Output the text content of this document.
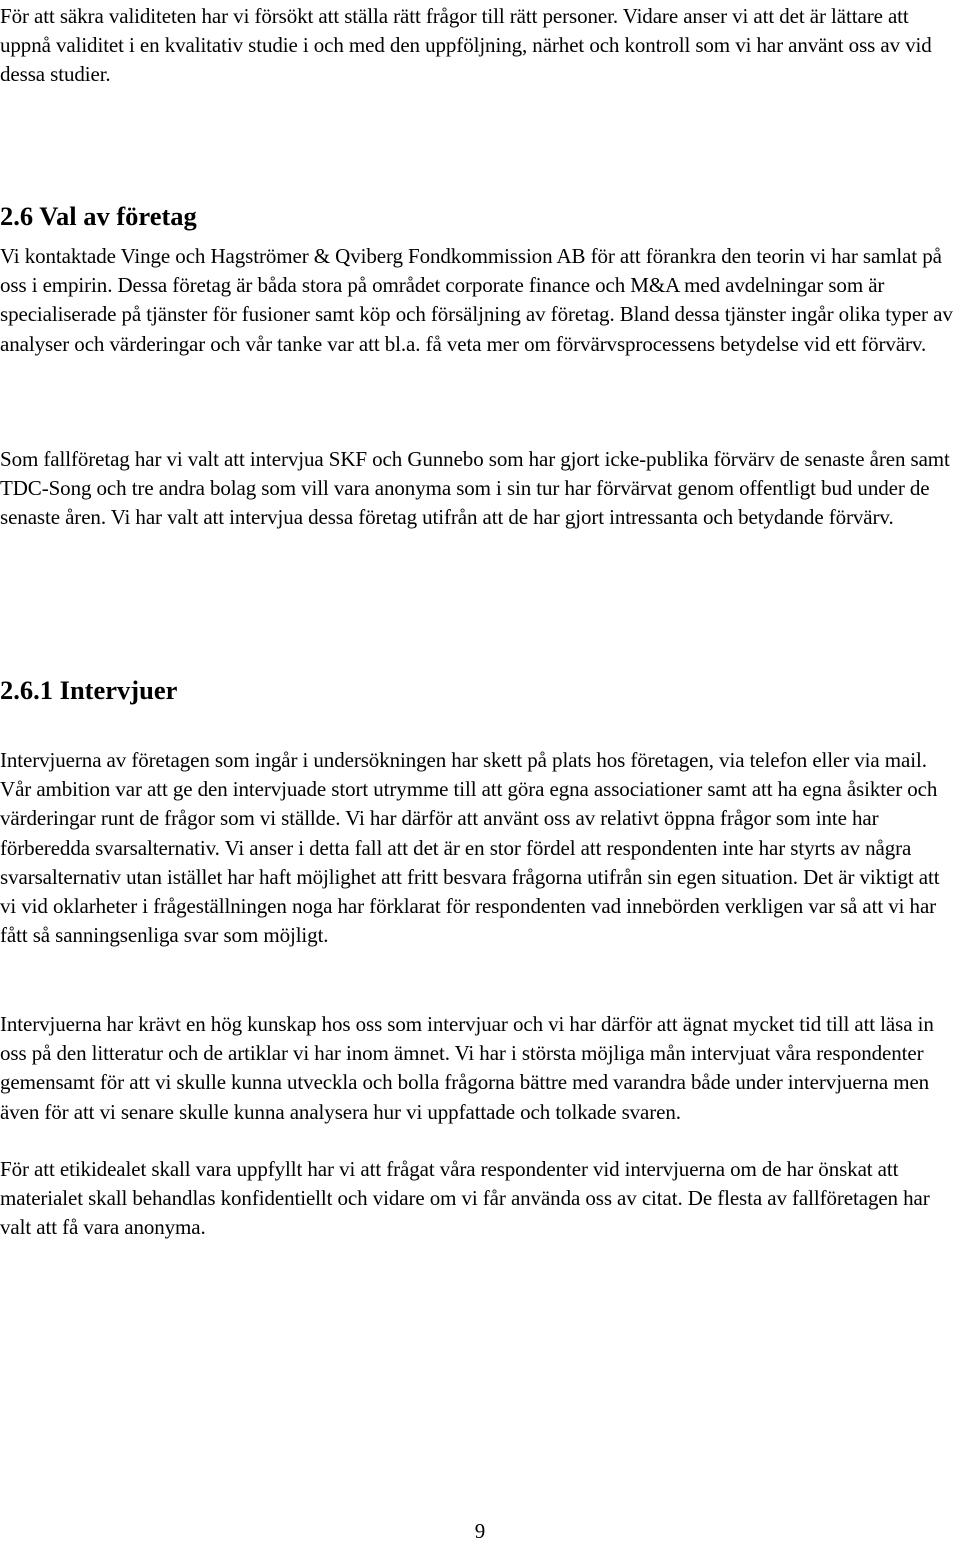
För att säkra validiteten har vi försökt att ställa rätt frågor till rätt personer. Vidare anser vi att det är lättare att uppnå validitet i en kvalitativ studie i och med den uppföljning, närhet och kontroll som vi har använt oss av vid dessa studier.

2.6 Val av företag

Vi kontaktade Vinge och Hagströmer & Qviberg Fondkommission AB för att förankra den teorin vi har samlat på oss i empirin. Dessa företag är båda stora på området corporate finance och M&A med avdelningar som är specialiserade på tjänster för fusioner samt köp och försäljning av företag. Bland dessa tjänster ingår olika typer av analyser och värderingar och vår tanke var att bl.a. få veta mer om förvärvsprocessens betydelse vid ett förvärv.

Som fallföretag har vi valt att intervjua SKF och Gunnebo som har gjort icke-publika förvärv de senaste åren samt TDC-Song och tre andra bolag som vill vara anonyma som i sin tur har förvärvat genom offentligt bud under de senaste åren. Vi har valt att intervjua dessa företag utifrån att de har gjort intressanta och betydande förvärv.

2.6.1 Intervjuer

Intervjuerna av företagen som ingår i undersökningen har skett på plats hos företagen, via telefon eller via mail. Vår ambition var att ge den intervjuade stort utrymme till att göra egna associationer samt att ha egna åsikter och värderingar runt de frågor som vi ställde. Vi har därför att använt oss av relativt öppna frågor som inte har förberedda svarsalternativ. Vi anser i detta fall att det är en stor fördel att respondenten inte har styrts av några svarsalternativ utan istället har haft möjlighet att fritt besvara frågorna utifrån sin egen situation. Det är viktigt att vi vid oklarheter i frågeställningen noga har förklarat för respondenten vad innebörden verkligen var så att vi har fått så sanningsenliga svar som möjligt.

Intervjuerna har krävt en hög kunskap hos oss som intervjuar och vi har därför att ägnat mycket tid till att läsa in oss på den litteratur och de artiklar vi har inom ämnet. Vi har i största möjliga mån intervjuat våra respondenter gemensamt för att vi skulle kunna utveckla och bolla frågorna bättre med varandra både under intervjuerna men även för att vi senare skulle kunna analysera hur vi uppfattade och tolkade svaren.

För att etikidealet skall vara uppfyllt har vi att frågat våra respondenter vid intervjuerna om de har önskat att materialet skall behandlas konfidentiellt och vidare om vi får använda oss av citat. De flesta av fallföretagen har valt att få vara anonyma.

9
